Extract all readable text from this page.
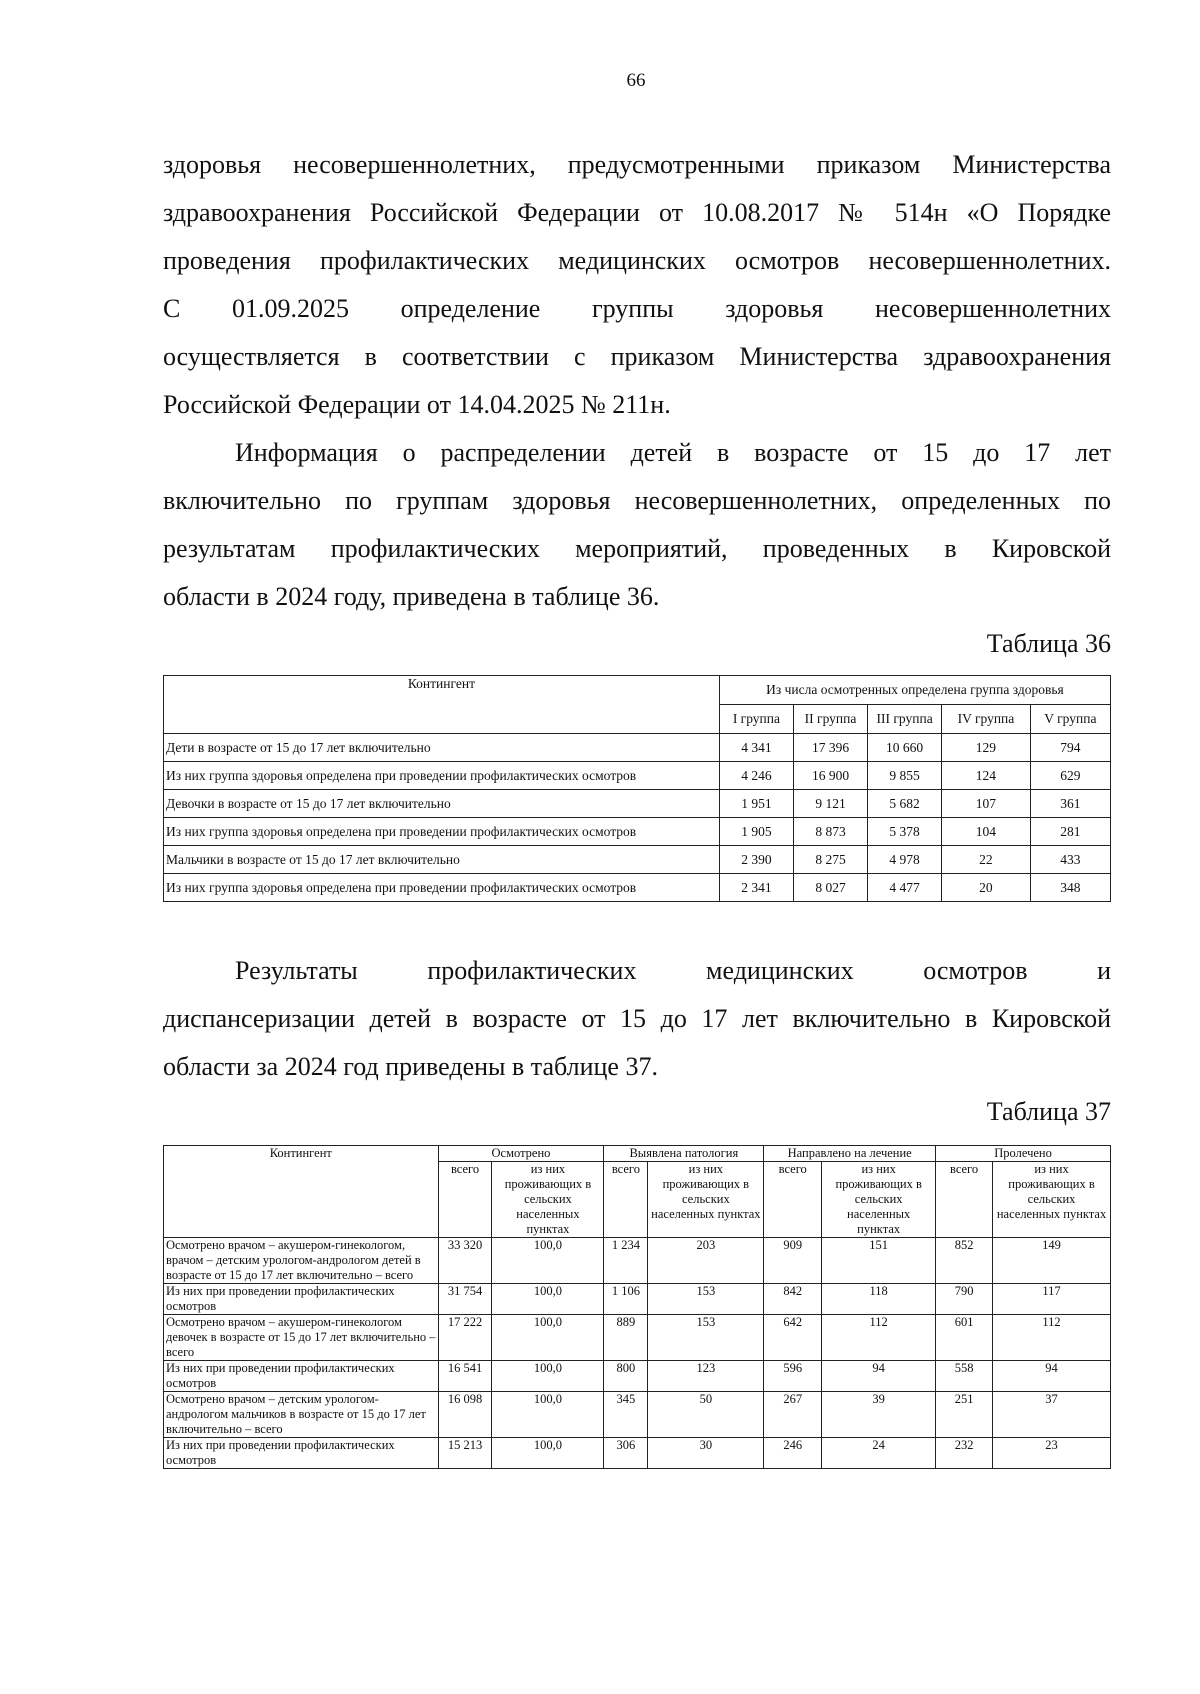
66
здоровья несовершеннолетних, предусмотренными приказом Министерства
здравоохранения Российской Федерации от 10.08.2017 № 514н «О Порядке
проведения профилактических медицинских осмотров несовершеннолетних.
С 01.09.2025 определение группы здоровья несовершеннолетних
осуществляется в соответствии с приказом Министерства здравоохранения
Российской Федерации от 14.04.2025 № 211н.
Информация о распределении детей в возрасте от 15 до 17 лет
включительно по группам здоровья несовершеннолетних, определенных по
результатам профилактических мероприятий, проведенных в Кировской
области в 2024 году, приведена в таблице 36.
Таблица 36
Контингент	Из числа осмотренных определена группа здоровья				
	I группа	II группа	III группа	IV группа	V группа
Дети в возрасте от 15 до 17 лет включительно	4 341	17 396	10 660	129	794
Из них группа здоровья определена при проведении профилактических осмотров	4 246	16 900	9 855	124	629
Девочки в возрасте от 15 до 17 лет включительно	1 951	9 121	5 682	107	361
Из них группа здоровья определена при проведении профилактических осмотров	1 905	8 873	5 378	104	281
Мальчики в возрасте от 15 до 17 лет включительно	2 390	8 275	4 978	22	433
Из них группа здоровья определена при проведении профилактических осмотров	2 341	8 027	4 477	20	348
Результаты профилактических медицинских осмотров и
диспансеризации детей в возрасте от 15 до 17 лет включительно в Кировской
области за 2024 год приведены в таблице 37.
Таблица 37
Контингент	Осмотрено		Выявлена патология		Направлено на лечение		Пролечено	
	всего	из них проживающих в сельских населенных пунктах	всего	из них проживающих в сельских населенных пунктах	всего	из них проживающих в сельских населенных пунктах	всего	из них проживающих в сельских населенных пунктах
Осмотрено врачом – акушером-гинекологом, врачом – детским урологом-андрологом детей в возрасте от 15 до 17 лет включительно – всего	33 320	100,0	1 234	203	909	151	852	149
Из них при проведении профилактических осмотров	31 754	100,0	1 106	153	842	118	790	117
Осмотрено врачом – акушером-гинекологом девочек в возрасте от 15 до 17 лет включительно – всего	17 222	100,0	889	153	642	112	601	112
Из них при проведении профилактических осмотров	16 541	100,0	800	123	596	94	558	94
Осмотрено врачом – детским урологом-андрологом мальчиков в возрасте от 15 до 17 лет включительно – всего	16 098	100,0	345	50	267	39	251	37
Из них при проведении профилактических осмотров	15 213	100,0	306	30	246	24	232	23
